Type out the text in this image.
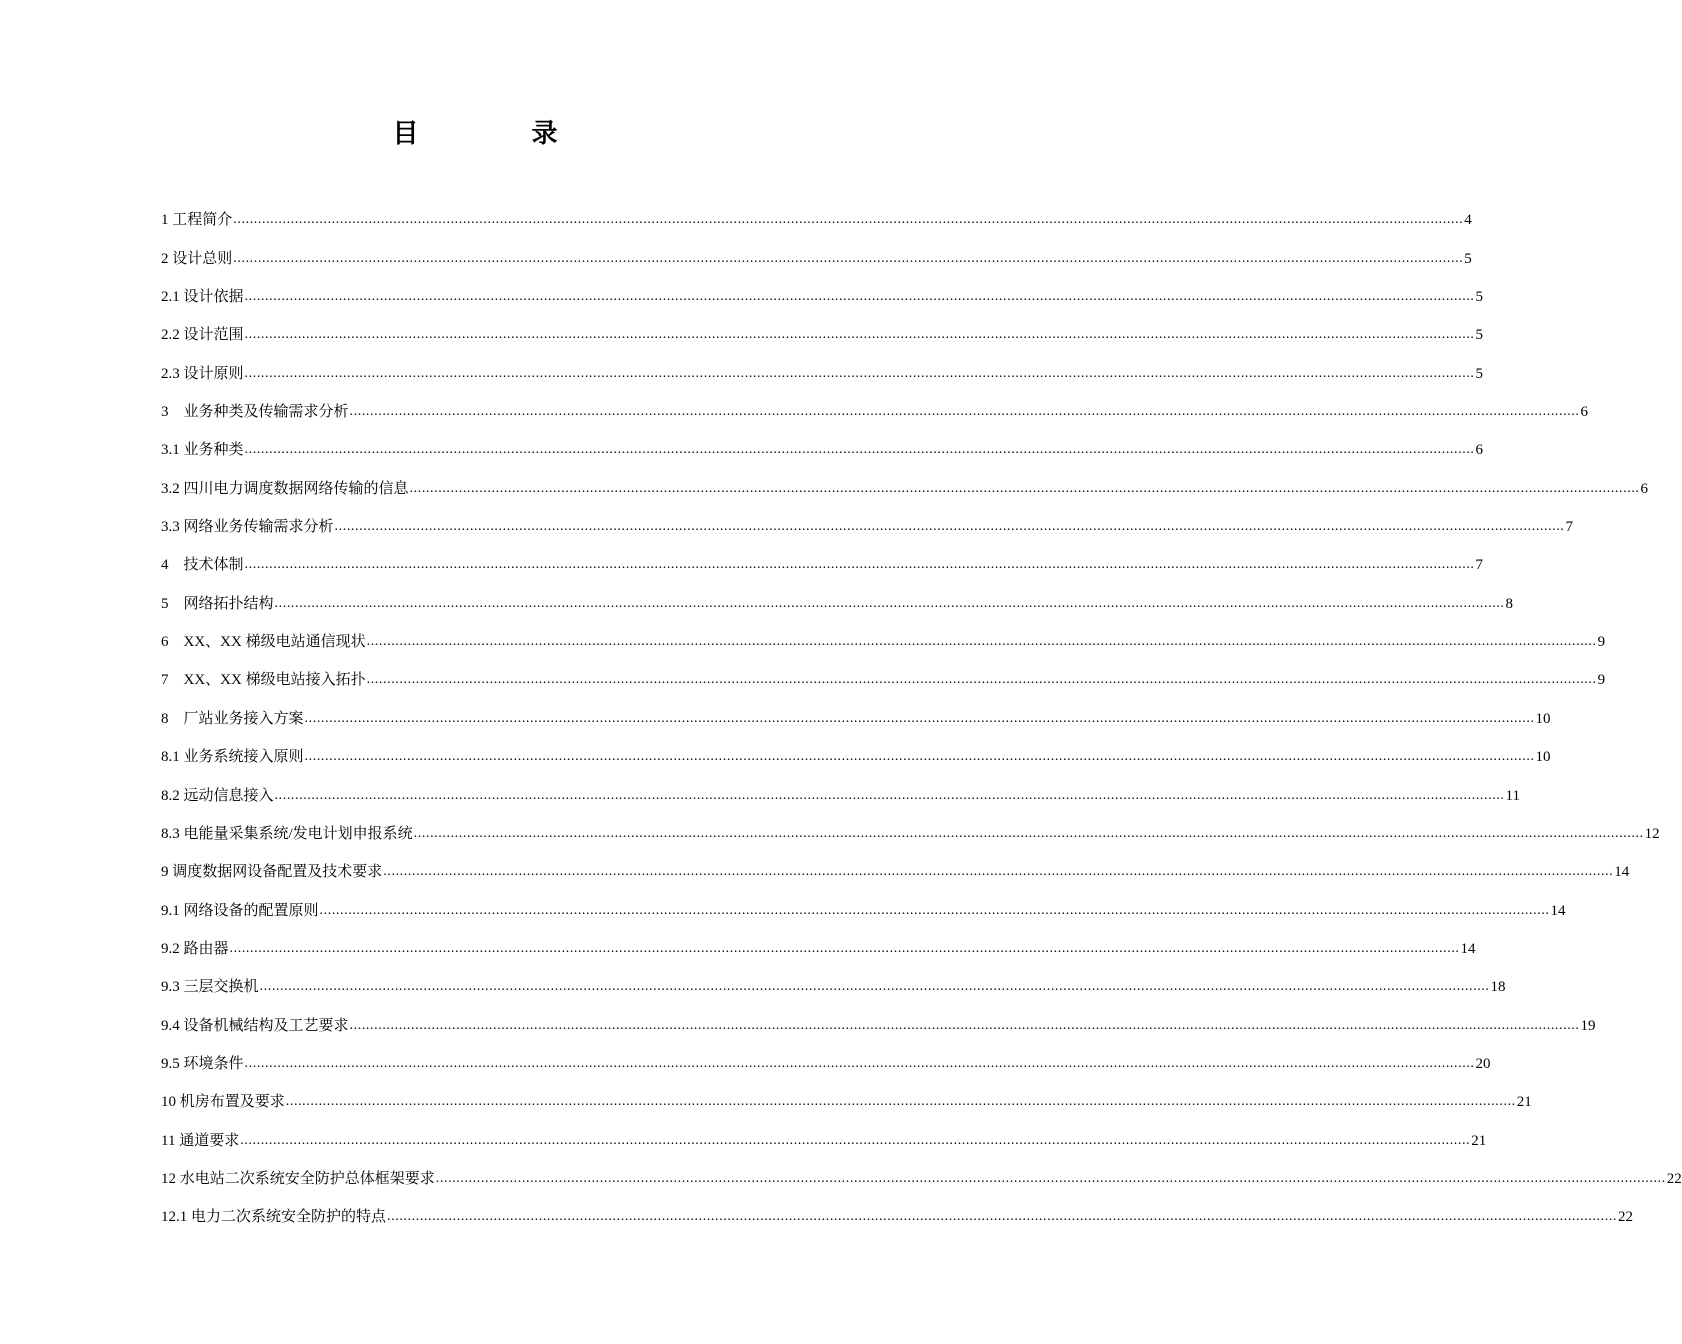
目 录
1 工程简介 ............................................................................................................................................................................................................................................................................................................ 4
2 设计总则 ............................................................................................................................................................................................................................................................................................................ 5
2.1 设计依据 ............................................................................................................................................................................................................................................................................................................ 5
2.2 设计范围 ............................................................................................................................................................................................................................................................................................................ 5
2.3 设计原则 ............................................................................................................................................................................................................................................................................................................ 5
3　业务种类及传输需求分析 ............................................................................................................................................................................................................................................................................................................ 6
3.1 业务种类 ............................................................................................................................................................................................................................................................................................................ 6
3.2 四川电力调度数据网络传输的信息 ............................................................................................................................................................................................................................................................................................................ 6
3.3 网络业务传输需求分析 ............................................................................................................................................................................................................................................................................................................ 7
4　技术体制 ............................................................................................................................................................................................................................................................................................................ 7
5　网络拓扑结构 ............................................................................................................................................................................................................................................................................................................ 8
6　XX、XX 梯级电站通信现状 ............................................................................................................................................................................................................................................................................................................ 9
7　XX、XX 梯级电站接入拓扑 ............................................................................................................................................................................................................................................................................................................ 9
8　厂站业务接入方案 ............................................................................................................................................................................................................................................................................................................ 10
8.1 业务系统接入原则 ............................................................................................................................................................................................................................................................................................................ 10
8.2 远动信息接入 ............................................................................................................................................................................................................................................................................................................ 11
8.3 电能量采集系统/发电计划申报系统 ............................................................................................................................................................................................................................................................................................................ 12
9 调度数据网设备配置及技术要求 ............................................................................................................................................................................................................................................................................................................ 14
9.1 网络设备的配置原则 ............................................................................................................................................................................................................................................................................................................ 14
9.2 路由器 ............................................................................................................................................................................................................................................................................................................ 14
9.3 三层交换机 ............................................................................................................................................................................................................................................................................................................ 18
9.4 设备机械结构及工艺要求 ............................................................................................................................................................................................................................................................................................................ 19
9.5 环境条件 ............................................................................................................................................................................................................................................................................................................ 20
10 机房布置及要求 ............................................................................................................................................................................................................................................................................................................ 21
11 通道要求 ............................................................................................................................................................................................................................................................................................................ 21
12 水电站二次系统安全防护总体框架要求 ............................................................................................................................................................................................................................................................................................................ 22
12.1 电力二次系统安全防护的特点 ............................................................................................................................................................................................................................................................................................................ 22
